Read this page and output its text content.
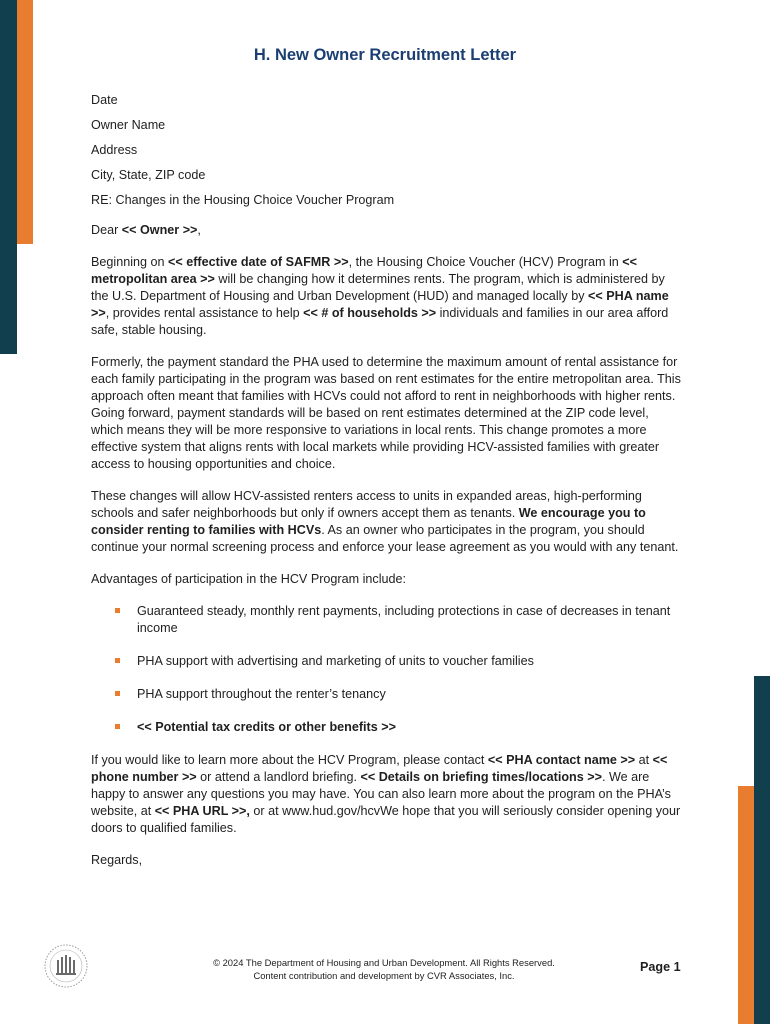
H. New Owner Recruitment Letter

Date

Owner Name

Address

City, State, ZIP code

RE: Changes in the Housing Choice Voucher Program

Dear << Owner >>,

Beginning on << effective date of SAFMR >>, the Housing Choice Voucher (HCV) Program in << metropolitan area >> will be changing how it determines rents. The program, which is administered by the U.S. Department of Housing and Urban Development (HUD) and managed locally by << PHA name >>, provides rental assistance to help << # of households >> individuals and families in our area afford safe, stable housing.

Formerly, the payment standard the PHA used to determine the maximum amount of rental assistance for each family participating in the program was based on rent estimates for the entire metropolitan area. This approach often meant that families with HCVs could not afford to rent in neighborhoods with higher rents. Going forward, payment standards will be based on rent estimates determined at the ZIP code level, which means they will be more responsive to variations in local rents. This change promotes a more effective system that aligns rents with local markets while providing HCV-assisted families with greater access to housing opportunities and choice.

These changes will allow HCV-assisted renters access to units in expanded areas, high-performing schools and safer neighborhoods but only if owners accept them as tenants. We encourage you to consider renting to families with HCVs. As an owner who participates in the program, you should continue your normal screening process and enforce your lease agreement as you would with any tenant.

Advantages of participation in the HCV Program include:

Guaranteed steady, monthly rent payments, including protections in case of decreases in tenant income
PHA support with advertising and marketing of units to voucher families
PHA support throughout the renter’s tenancy
<< Potential tax credits or other benefits >>

If you would like to learn more about the HCV Program, please contact << PHA contact name >> at << phone number >> or attend a landlord briefing. << Details on briefing times/locations >>. We are happy to answer any questions you may have. You can also learn more about the program on the PHA’s website, at << PHA URL >>, or at www.hud.gov/hcvWe hope that you will seriously consider opening your doors to qualified families.

Regards,

© 2024 The Department of Housing and Urban Development. All Rights Reserved.
Content contribution and development by CVR Associates, Inc.
Page 1
